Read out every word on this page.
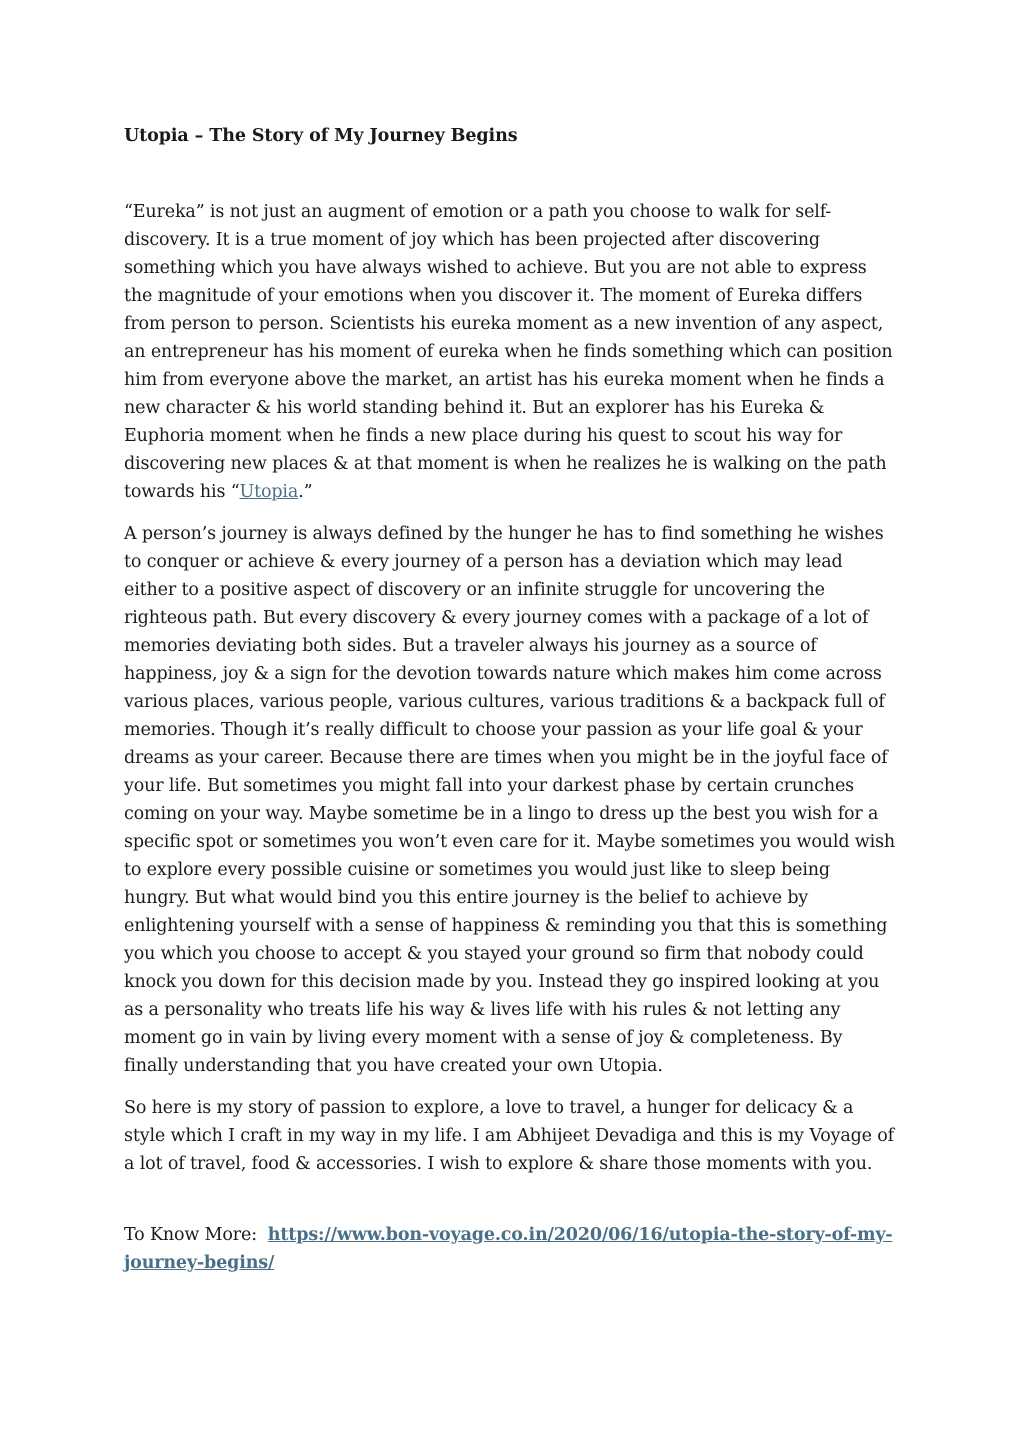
Utopia – The Story of My Journey Begins

“Eureka” is not just an augment of emotion or a path you choose to walk for self-discovery. It is a true moment of joy which has been projected after discovering something which you have always wished to achieve. But you are not able to express the magnitude of your emotions when you discover it. The moment of Eureka differs from person to person. Scientists his eureka moment as a new invention of any aspect, an entrepreneur has his moment of eureka when he finds something which can position him from everyone above the market, an artist has his eureka moment when he finds a new character & his world standing behind it. But an explorer has his Eureka & Euphoria moment when he finds a new place during his quest to scout his way for discovering new places & at that moment is when he realizes he is walking on the path towards his “Utopia.”

A person’s journey is always defined by the hunger he has to find something he wishes to conquer or achieve & every journey of a person has a deviation which may lead either to a positive aspect of discovery or an infinite struggle for uncovering the righteous path. But every discovery & every journey comes with a package of a lot of memories deviating both sides. But a traveler always his journey as a source of happiness, joy & a sign for the devotion towards nature which makes him come across various places, various people, various cultures, various traditions & a backpack full of memories. Though it’s really difficult to choose your passion as your life goal & your dreams as your career. Because there are times when you might be in the joyful face of your life. But sometimes you might fall into your darkest phase by certain crunches coming on your way. Maybe sometime be in a lingo to dress up the best you wish for a specific spot or sometimes you won’t even care for it. Maybe sometimes you would wish to explore every possible cuisine or sometimes you would just like to sleep being hungry. But what would bind you this entire journey is the belief to achieve by enlightening yourself with a sense of happiness & reminding you that this is something you which you choose to accept & you stayed your ground so firm that nobody could knock you down for this decision made by you. Instead they go inspired looking at you as a personality who treats life his way & lives life with his rules & not letting any moment go in vain by living every moment with a sense of joy & completeness. By finally understanding that you have created your own Utopia.

So here is my story of passion to explore, a love to travel, a hunger for delicacy & a style which I craft in my way in my life. I am Abhijeet Devadiga and this is my Voyage of a lot of travel, food & accessories. I wish to explore & share those moments with you.

To Know More: https://www.bon-voyage.co.in/2020/06/16/utopia-the-story-of-my-journey-begins/
